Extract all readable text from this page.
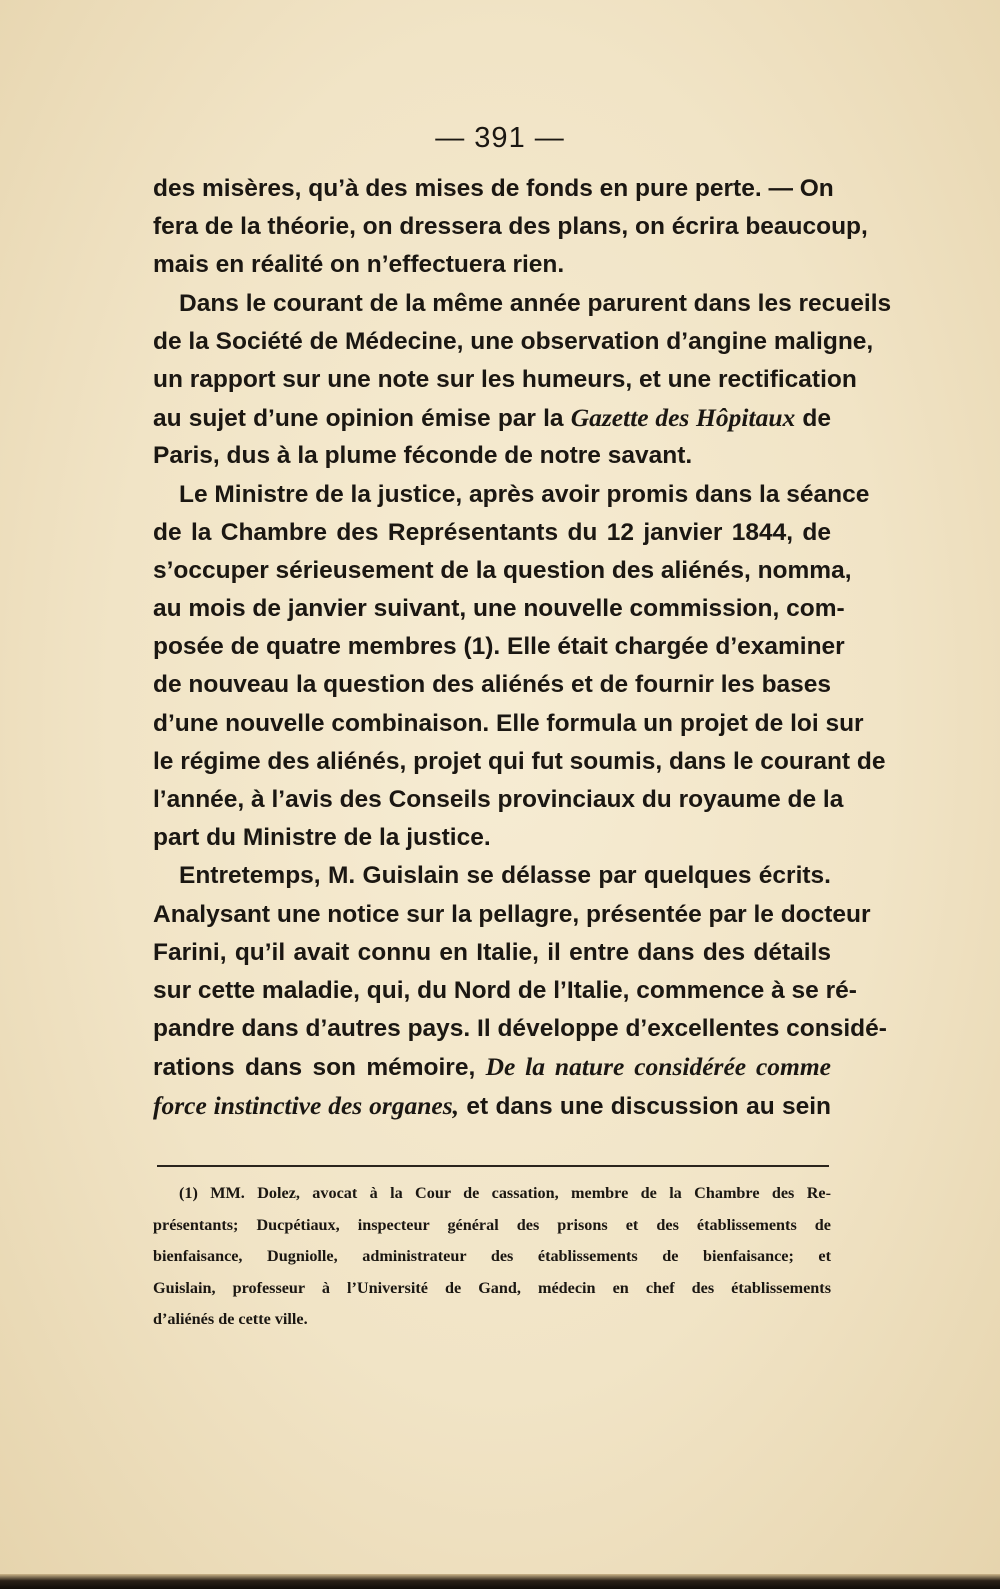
— 391 —
des misères, qu’à des mises de fonds en pure perte. — On
fera de la théorie, on dressera des plans, on écrira beaucoup,
mais en réalité on n’effectuera rien.
Dans le courant de la même année parurent dans les recueils
de la Société de Médecine, une observation d’angine maligne,
un rapport sur une note sur les humeurs, et une rectification
au sujet d’une opinion émise par la Gazette des Hôpitaux de
Paris, dus à la plume féconde de notre savant.
Le Ministre de la justice, après avoir promis dans la séance
de la Chambre des Représentants du 12 janvier 1844, de
s’occuper sérieusement de la question des aliénés, nomma,
au mois de janvier suivant, une nouvelle commission, com-
posée de quatre membres (1). Elle était chargée d’examiner
de nouveau la question des aliénés et de fournir les bases
d’une nouvelle combinaison. Elle formula un projet de loi sur
le régime des aliénés, projet qui fut soumis, dans le courant de
l’année, à l’avis des Conseils provinciaux du royaume de la
part du Ministre de la justice.
Entretemps, M. Guislain se délasse par quelques écrits.
Analysant une notice sur la pellagre, présentée par le docteur
Farini, qu’il avait connu en Italie, il entre dans des détails
sur cette maladie, qui, du Nord de l’Italie, commence à se ré-
pandre dans d’autres pays. Il développe d’excellentes considé-
rations dans son mémoire, De la nature considérée comme
force instinctive des organes, et dans une discussion au sein
(1) MM. Dolez, avocat à la Cour de cassation, membre de la Chambre des Re-
présentants; Ducpétiaux, inspecteur général des prisons et des établissements de
bienfaisance, Dugniolle, administrateur des établissements de bienfaisance; et
Guislain, professeur à l’Université de Gand, médecin en chef des établissements
d’aliénés de cette ville.
